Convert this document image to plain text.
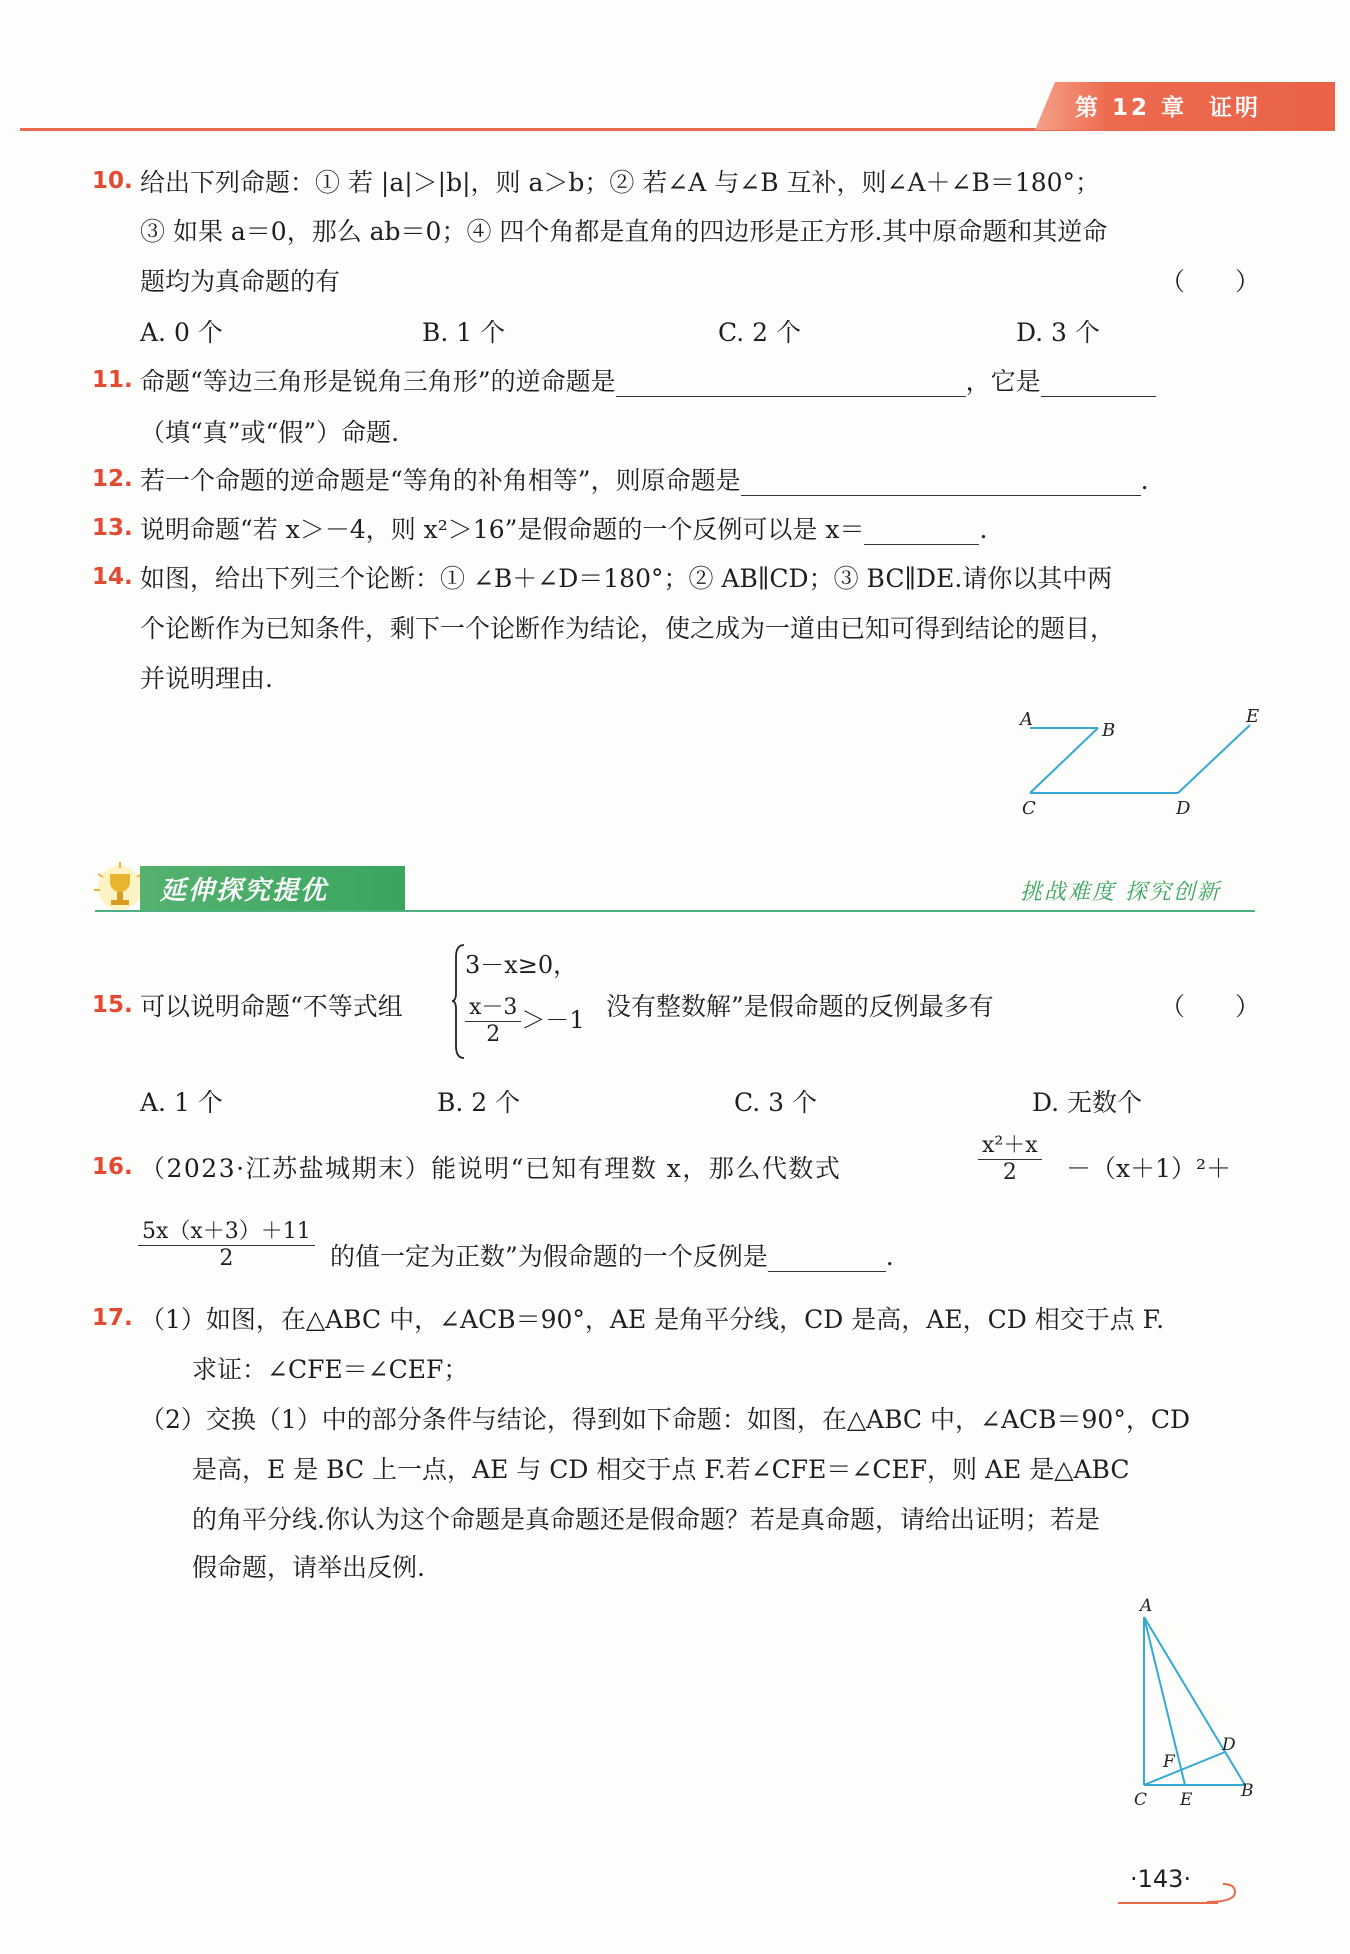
第 12 章 证明
10. 给出下列命题：① 若 |a|＞|b|，则 a＞b；② 若∠A 与∠B 互补，则∠A＋∠B＝180°；
③ 如果 a＝0，那么 ab＝0；④ 四个角都是直角的四边形是正方形.其中原命题和其逆命
题均为真命题的有	（　　）
A. 0 个	B. 1 个	C. 2 个	D. 3 个
11. 命题“等边三角形是锐角三角形”的逆命题是	，它是
（填“真”或“假”）命题.
12. 若一个命题的逆命题是“等角的补角相等”，则原命题是	.
13. 说明命题“若 x＞－4，则 x²＞16”是假命题的一个反例可以是 x＝	.
14. 如图，给出下列三个论断：① ∠B＋∠D＝180°；② AB∥CD；③ BC∥DE.请你以其中两
个论断作为已知条件，剩下一个论断作为结论，使之成为一道由已知可得到结论的题目，
并说明理由.
A
B
C	D
E
延伸探究提优	挑战难度 探究创新
15. 可以说明命题“不等式组
3－x≥0，
$\frac{x-3}{2} >-1$ 没有整数解”是假命题的反例最多有	（　　）
A. 1 个	B. 2 个	C. 3 个	D. 无数个
16. （2023·江苏盐城期末）能说明“已知有理数 x，那么代数式	$\frac{\text{x²＋x}}{2} -(x+1)^2+$
$\frac{5x(x+3)+11}{2}$ 的值一定为正数”为假命题的一个反例是	.
17. （1）如图，在△ABC 中，∠ACB＝90°，AE 是角平分线，CD 是高，AE，CD 相交于点 F.
求证：∠CFE＝∠CEF；
（2）交换（1）中的部分条件与结论，得到如下命题：如图，在△ABC 中，∠ACB＝90°，CD
是高，E 是 BC 上一点，AE 与 CD 相交于点 F.若∠CFE＝∠CEF，则 AE 是△ABC
的角平分线.你认为这个命题是真命题还是假命题？若是真命题，请给出证明；若是
假命题，请举出反例.
A
D
F
C E	B
·143·
